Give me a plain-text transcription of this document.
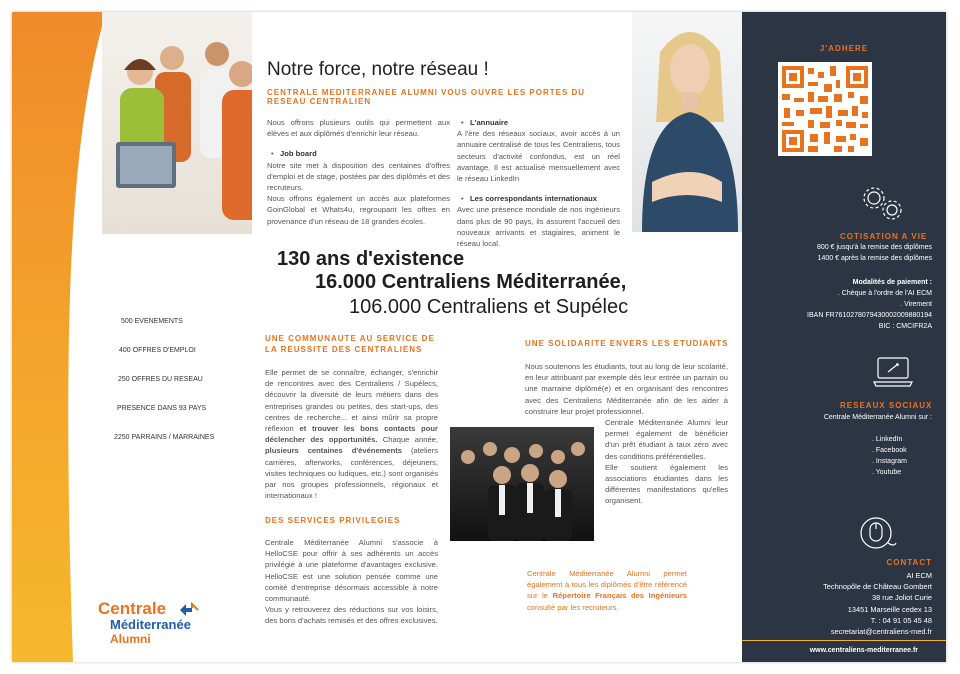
Notre force, notre réseau !
CENTRALE MEDITERRANEE ALUMNI VOUS OUVRE LES PORTES DU RESEAU CENTRALIEN
Nous offrons plusieurs outils qui permettent aux élèves et aux diplômés d'enrichir leur réseau.
• Job board
Notre site met à disposition des centaines d'offres d'emploi et de stage, postées par des diplômés et des recruteurs.
Nous offrons également un accès aux plateformes GoinGlobal et Whats4u, regroupant les offres en provenance d'un réseau de 18 grandes écoles.
• L'annuaire
A l'ère des réseaux sociaux, avoir accès à un annuaire centralisé de tous les Centraliens, tous secteurs d'activité confondus, est un réel avantage. Il est actualisé mensuellement avec le réseau LinkedIn
• Les correspondants internationaux
Avec une présence mondiale de nos ingénieurs dans plus de 90 pays, ils assurent l'accueil des nouveaux arrivants et stagiaires, animent le réseau local.
130 ans d'existence
16.000 Centraliens Méditerranée,
106.000 Centraliens et Supélec
500 EVENEMENTS
400 OFFRES D'EMPLOI
250 OFFRES DU RESEAU
PRESENCE DANS 93 PAYS
2250 PARRAINS / MARRAINES
UNE COMMUNAUTE AU SERVICE DE
LA REUSSITE DES CENTRALIENS
Elle permet de se connaître, échanger, s'enrichir de rencontres avec des Centraliens / Supélecs, découvrir la diversité de leurs métiers dans des entreprises grandes ou petites, des start-ups, des centres de recherche... et ainsi mûrir sa propre réflexion et trouver les bons contacts pour déclencher des opportunités. Chaque année, plusieurs centaines d'événements (ateliers carrières, afterworks, conférences, déjeuners, visites techniques ou ludiques, etc.) sont organisés par nos groupes professionnels, régionaux et internationaux !
DES SERVICES PRIVILEGIES
Centrale Méditerranée Alumni s'associe à HelloCSE pour offrir à ses adhérents un accès privilégié à une plateforme d'avantages exclusive. HelloCSE est une solution pensée comme une comité d'entreprise désormais accessible à notre communauté.
Vous y retrouverez des réductions sur vos loisirs, des bons d'achats remisés et des offres exclusives.
UNE SOLIDARITE ENVERS LES ETUDIANTS
Nous soutenons les étudiants, tout au long de leur scolarité, en leur attribuant par exemple dès leur entrée un parrain ou une marraine diplômé(e) et en organisant des rencontres avec des Centraliens Méditerranée afin de les aider à construire leur projet professionnel.
Centrale Méditerranée Alumni leur permet également de bénéficier d'un prêt étudiant à taux zéro avec des conditions préférentielles.
Elle soutient également les associations étudiantes dans les différentes manifestations qu'elles organisent.
Centrale Méditerranée Alumni permet également à tous les diplômés d'être référencé sur le Répertoire Français des Ingénieurs consulté par les recruteurs.
Centrale
Méditerranée
Alumni
J'ADHERE
COTISATION A VIE
800 € jusqu'à la remise des diplômes
1400 € après la remise des diplômes
Modalités de paiement :
. Chèque à l'ordre de l'AI ECM
. Virement
IBAN FR7610278079430002009880194
BIC : CMCIFR2A
RESEAUX SOCIAUX
Centrale Méditerranée Alumni sur :
. LinkedIn
. Facebook
. Instagram
. Youtube
CONTACT
AI ECM
Technopôle de Château Gombert
38 rue Joliot Curie
13451 Marseille cedex 13
T. : 04 91 05 45 48
secretariat@centraliens-med.fr
www.centraliens-mediterranee.fr
